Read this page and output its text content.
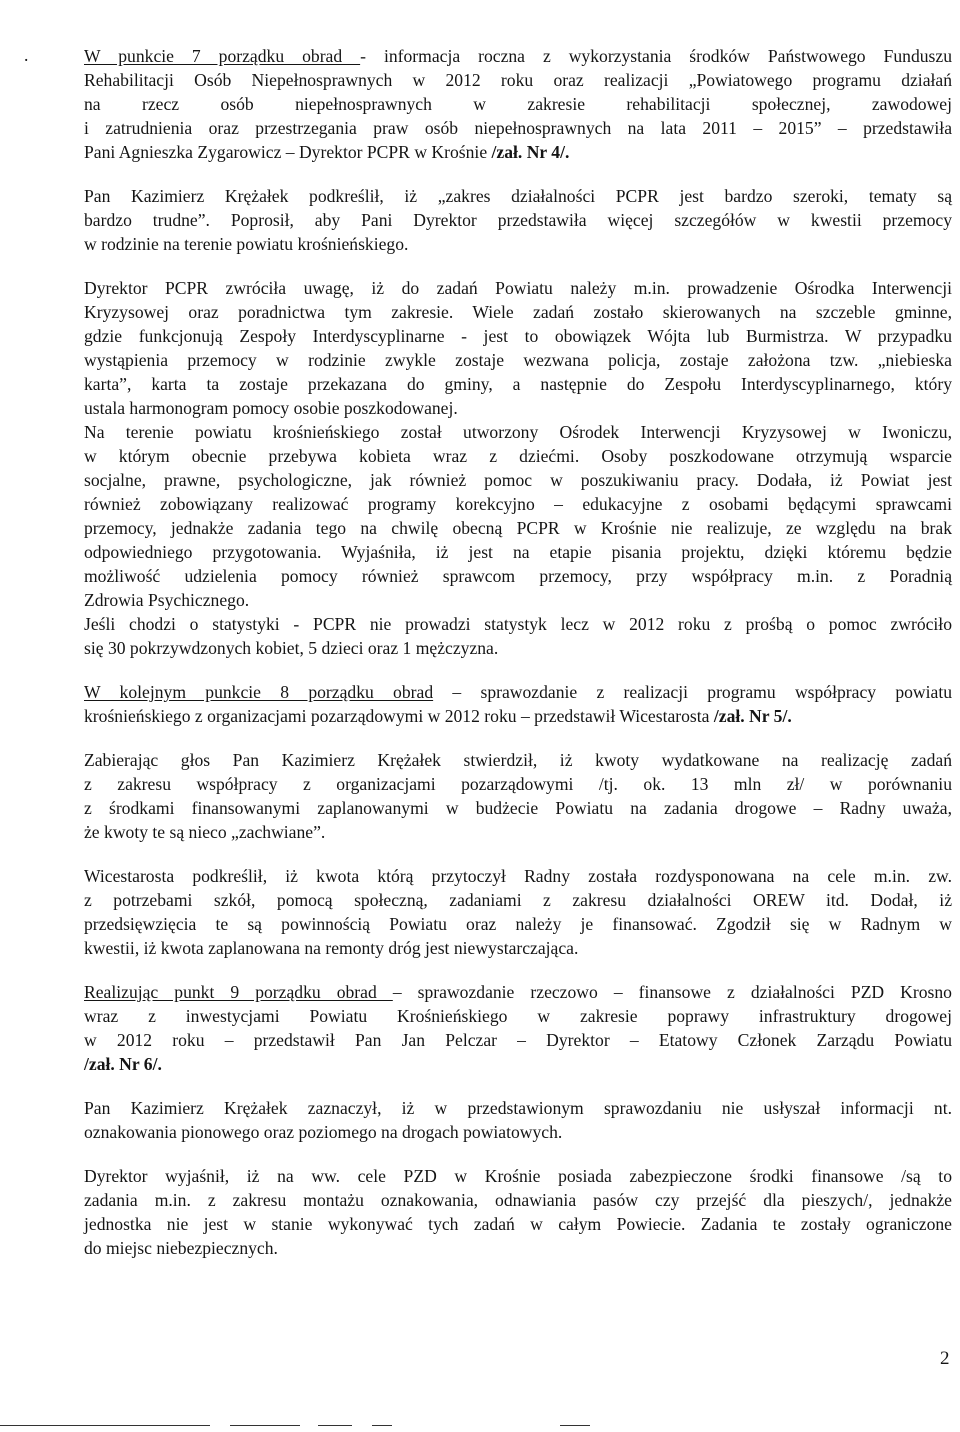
.	W punkcie 7 porządku obrad - informacja roczna z wykorzystania środków Państwowego Funduszu
Rehabilitacji Osób Niepełnosprawnych w 2012 roku oraz realizacji „Powiatowego programu działań
na rzecz osób niepełnosprawnych w zakresie rehabilitacji społecznej, zawodowej
i zatrudnienia oraz przestrzegania praw osób niepełnosprawnych na lata 2011 – 2015” – przedstawiła
Pani Agnieszka Zygarowicz – Dyrektor PCPR w Krośnie /zał. Nr 4/.
Pan Kazimierz Krężałek podkreślił, iż „zakres działalności PCPR jest bardzo szeroki, tematy są
bardzo trudne”. Poprosił, aby Pani Dyrektor przedstawiła więcej szczegółów w kwestii przemocy
w rodzinie na terenie powiatu krośnieńskiego.
Dyrektor PCPR zwróciła uwagę, iż do zadań Powiatu należy m.in. prowadzenie Ośrodka Interwencji
Kryzysowej oraz poradnictwa tym zakresie. Wiele zadań zostało skierowanych na szczeble gminne,
gdzie funkcjonują Zespoły Interdyscyplinarne - jest to obowiązek Wójta lub Burmistrza. W przypadku
wystąpienia przemocy w rodzinie zwykle zostaje wezwana policja, zostaje założona tzw. „niebieska
karta”, karta ta zostaje przekazana do gminy, a następnie do Zespołu Interdyscyplinarnego, który
ustala harmonogram pomocy osobie poszkodowanej.
Na terenie powiatu krośnieńskiego został utworzony Ośrodek Interwencji Kryzysowej w Iwoniczu,
w którym obecnie przebywa kobieta wraz z dziećmi. Osoby poszkodowane otrzymują wsparcie
socjalne, prawne, psychologiczne, jak również pomoc w poszukiwaniu pracy. Dodała, iż Powiat jest
również zobowiązany realizować programy korekcyjno – edukacyjne z osobami będącymi sprawcami
przemocy, jednakże zadania tego na chwilę obecną PCPR w Krośnie nie realizuje, ze względu na brak
odpowiedniego przygotowania. Wyjaśniła, iż jest na etapie pisania projektu, dzięki któremu będzie
możliwość udzielenia pomocy również sprawcom przemocy, przy współpracy m.in. z Poradnią
Zdrowia Psychicznego.
Jeśli chodzi o statystyki - PCPR nie prowadzi statystyk lecz w 2012 roku z prośbą o pomoc zwróciło
się 30 pokrzywdzonych kobiet, 5 dzieci oraz 1 mężczyzna.
W kolejnym punkcie 8 porządku obrad – sprawozdanie z realizacji programu współpracy powiatu
krośnieńskiego z organizacjami pozarządowymi w 2012 roku – przedstawił Wicestarosta /zał. Nr 5/.
Zabierając głos Pan Kazimierz Krężałek stwierdził, iż kwoty wydatkowane na realizację zadań
z zakresu współpracy z organizacjami pozarządowymi /tj. ok. 13 mln zł/ w porównaniu
z środkami finansowanymi zaplanowanymi w budżecie Powiatu na zadania drogowe – Radny uważa,
że kwoty te są nieco „zachwiane”.
Wicestarosta podkreślił, iż kwota którą przytoczył Radny została rozdysponowana na cele m.in. zw.
z potrzebami szkół, pomocą społeczną, zadaniami z zakresu działalności OREW itd. Dodał, iż
przedsięwzięcia te są powinnością Powiatu oraz należy je finansować. Zgodził się w Radnym w
kwestii, iż kwota zaplanowana na remonty dróg jest niewystarczająca.
Realizując punkt 9 porządku obrad – sprawozdanie rzeczowo – finansowe z działalności PZD Krosno
wraz z inwestycjami Powiatu Krośnieńskiego w zakresie poprawy infrastruktury drogowej
w 2012 roku – przedstawił Pan Jan Pelczar – Dyrektor – Etatowy Członek Zarządu Powiatu
/zał. Nr 6/.
Pan Kazimierz Krężałek zaznaczył, iż w przedstawionym sprawozdaniu nie usłyszał informacji nt.
oznakowania pionowego oraz poziomego na drogach powiatowych.
Dyrektor wyjaśnił, iż na ww. cele PZD w Krośnie posiada zabezpieczone środki finansowe /są to
zadania m.in. z zakresu montażu oznakowania, odnawiania pasów czy przejść dla pieszych/, jednakże
jednostka nie jest w stanie wykonywać tych zadań w całym Powiecie. Zadania te zostały ograniczone
do miejsc niebezpiecznych.
2
